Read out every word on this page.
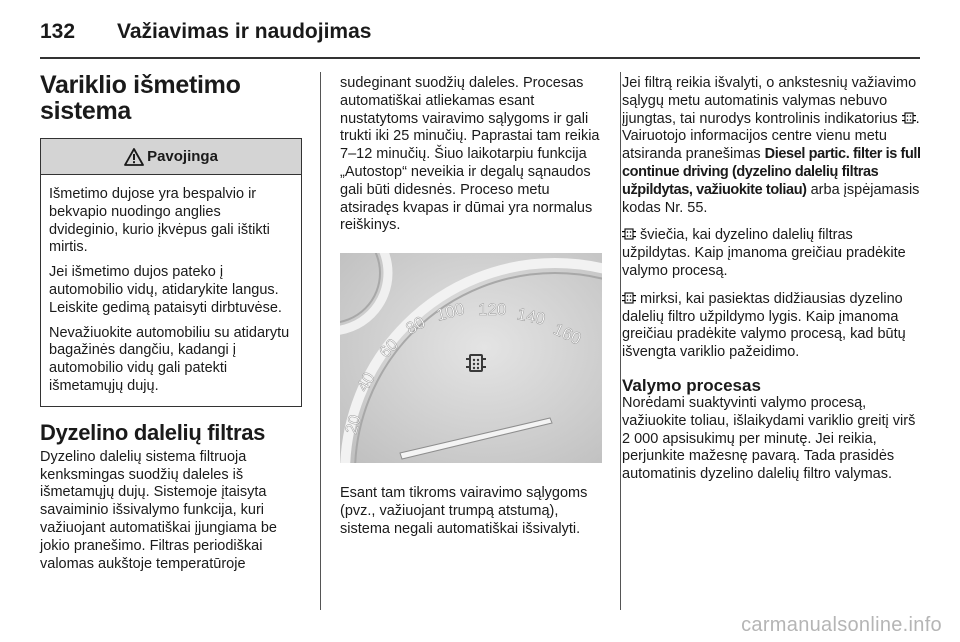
132 Važiavimas ir naudojimas
Variklio išmetimo sistema
Pavojinga

Išmetimo dujose yra bespalvio ir bekvapio nuodingo anglies dvideginio, kurio įkvėpus gali ištikti mirtis.

Jei išmetimo dujos pateko į automobilio vidų, atidarykite langus. Leiskite gedimą pataisyti dirbtuvėse.

Nevažiuokite automobiliu su atidarytu bagažinės dangčiu, kadangi į automobilio vidų gali patekti išmetamųjų dujų.

Dyzelino dalelių filtras

Dyzelino dalelių sistema filtruoja kenksmingas suodžių daleles iš išmetamųjų dujų. Sistemoje įtaisyta savaiminio išsivalymo funkcija, kuri važiuojant automatiškai įjungiama be jokio pranešimo. Filtras periodiškai valomas aukštoje temperatūroje

sudeginant suodžių daleles. Procesas automatiškai atliekamas esant nustatytoms vairavimo sąlygoms ir gali trukti iki 25 minučių. Paprastai tam reikia 7–12 minučių. Šiuo laikotarpiu funkcija „Autostop“ neveikia ir degalų sąnaudos gali būti didesnės. Proceso metu atsiradęs kvapas ir dūmai yra normalus reiškinys.

20
40
60
80
100 120 140
160

Esant tam tikroms vairavimo sąlygoms (pvz., važiuojant trumpą atstumą), sistema negali automatiškai išsivalyti.

Jei filtrą reikia išvalyti, o ankstesnių važiavimo sąlygų metu automatinis valymas nebuvo įjungtas, tai nurodys kontrolinis indikatorius . Vairuotojo informacijos centre vienu metu atsiranda pranešimas Diesel partic. filter is full continue driving (dyzelino dalelių filtras užpildytas, važiuokite toliau) arba įspėjamasis kodas Nr. 55.

šviečia, kai dyzelino dalelių filtras užpildytas. Kaip įmanoma greičiau pradėkite valymo procesą.

mirksi, kai pasiektas didžiausias dyzelino dalelių filtro užpildymo lygis. Kaip įmanoma greičiau pradėkite valymo procesą, kad būtų išvengta variklio pažeidimo.

Valymo procesas

Norėdami suaktyvinti valymo procesą, važiuokite toliau, išlaikydami variklio greitį virš 2 000 apsisukimų per minutę. Jei reikia, perjunkite mažesnę pavarą. Tada prasidės automatinis dyzelino dalelių filtro valymas.

carmanualsonline.info
